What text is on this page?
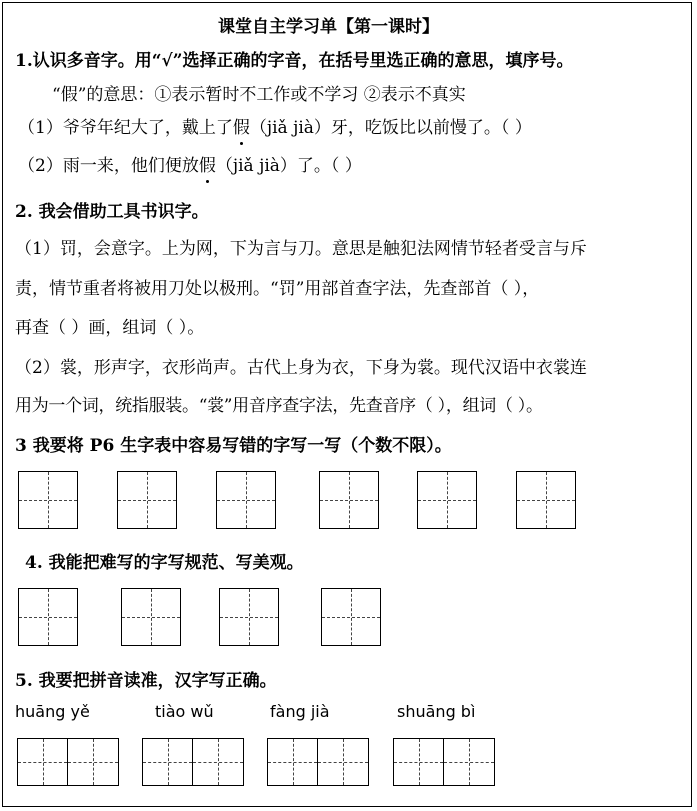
课堂自主学习单【第一课时】
1.认识多音字。用“√”选择正确的字音，在括号里选正确的意思，填序号。
“假”的意思：①表示暂时不工作或不学习 ②表示不真实
（1）爷爷年纪大了，戴上了假（jiǎ jià）牙，吃饭比以前慢了。（ ）
（2）雨一来，他们便放假（jiǎ jià）了。（ ）
2. 我会借助工具书识字。
（1）罚，会意字。上为网，下为言与刀。意思是触犯法网情节轻者受言与斥
责，情节重者将被用刀处以极刑。“罚”用部首查字法，先查部首（ ），
再查（ ）画，组词（ ）。
（2）裳，形声字，衣形尚声。古代上身为衣，下身为裳。现代汉语中衣裳连
用为一个词，统指服装。“裳”用音序查字法，先查音序（ ），组词（ ）。
3 我要将 P6 生字表中容易写错的字写一写（个数不限）。
4. 我能把难写的字写规范、写美观。
5. 我要把拼音读准，汉字写正确。
huāng yě	tiào wǔ	fàng jià	shuāng bì
